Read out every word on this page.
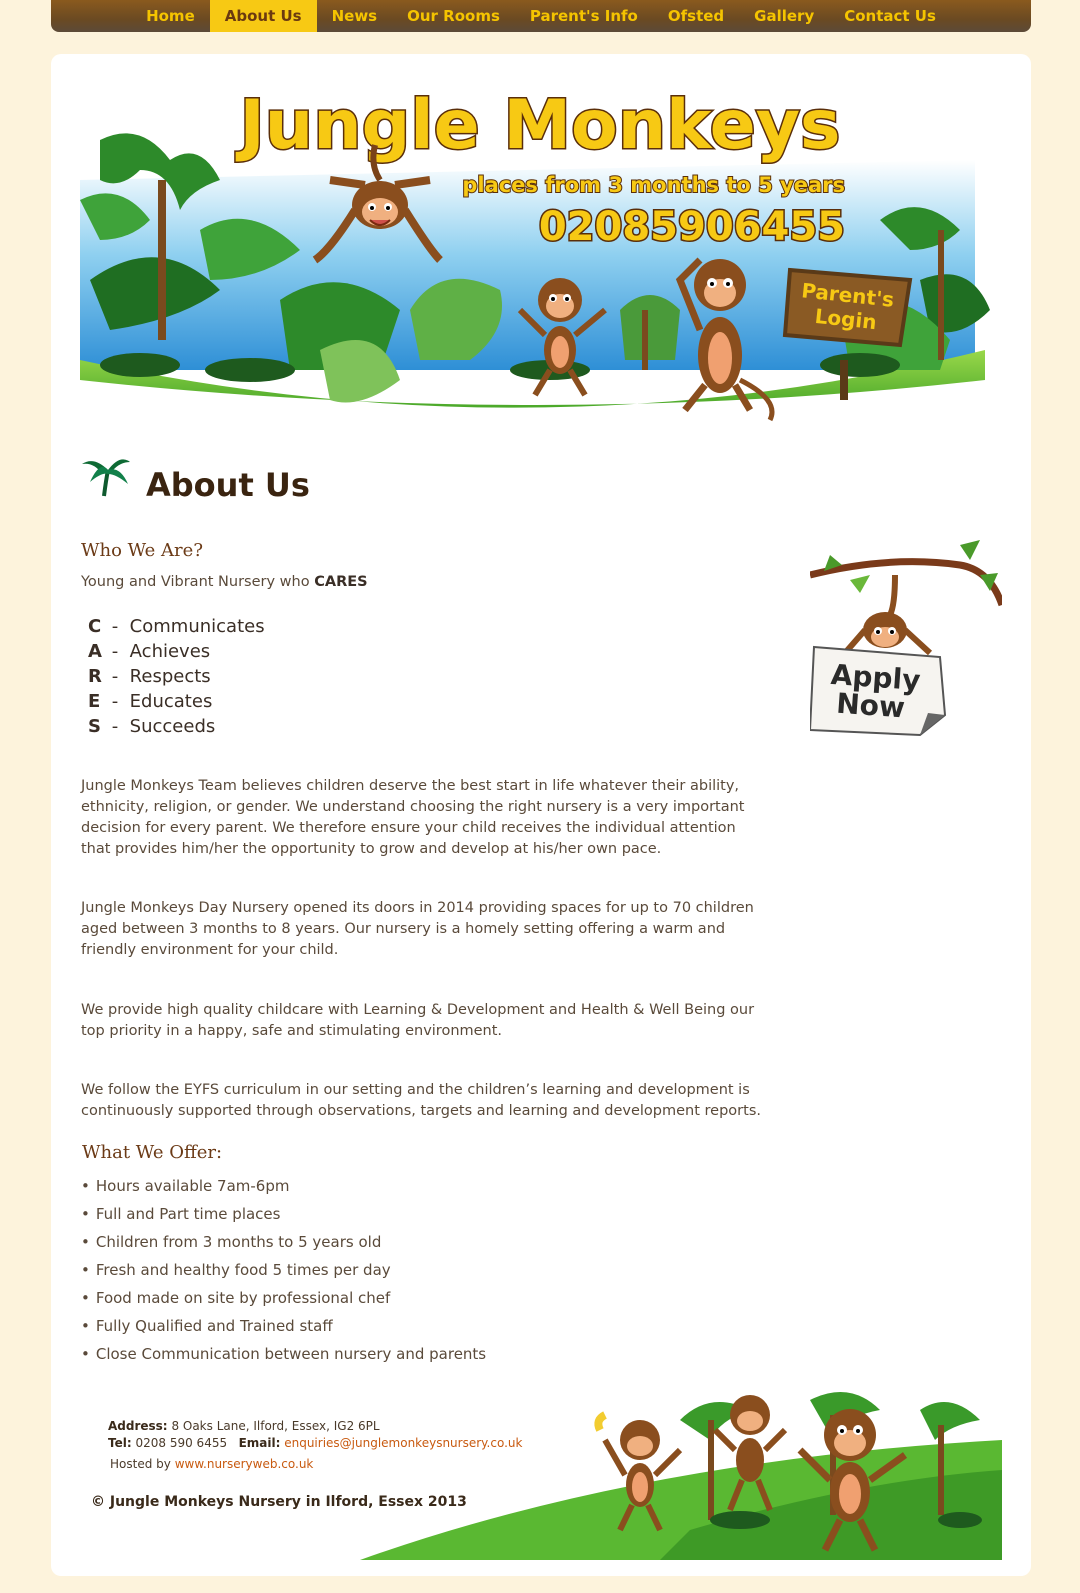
Home	About Us	News	Our Rooms	Parent's Info	Ofsted	Gallery	Contact Us
Jungle Monkeys
places from 3 months to 5 years
02085906455
Parent's
Login
About Us
Who We Are?

Young and Vibrant Nursery who CARES

C -  Communicates
A -  Achieves
R -  Respects
E -  Educates
S -  Succeeds

Jungle Monkeys Team believes children deserve the best start in life whatever their ability, ethnicity, religion, or gender. We understand choosing the right nursery is a very important decision for every parent. We therefore ensure your child receives the individual attention that provides him/her the opportunity to grow and develop at his/her own pace.

Jungle Monkeys Day Nursery opened its doors in 2014 providing spaces for up to 70 children aged between 3 months to 8 years. Our nursery is a homely setting offering a warm and friendly environment for your child.

We provide high quality childcare with Learning & Development and Health & Well Being our top priority in a happy, safe and stimulating environment.

We follow the EYFS curriculum in our setting and the children’s learning and development is continuously supported through observations, targets and learning and development reports.

What We Offer:
• Hours available 7am-6pm
• Full and Part time places
• Children from 3 months to 5 years old
• Fresh and healthy food 5 times per day
• Food made on site by professional chef
• Fully Qualified and Trained staff
• Close Communication between nursery and parents
Apply
Now
Address: 8 Oaks Lane, Ilford, Essex, IG2 6PL
Tel: 0208 590 6455 Email: enquiries@junglemonkeysnursery.co.uk
Hosted by www.nurseryweb.co.uk
© Jungle Monkeys Nursery in Ilford, Essex 2013
